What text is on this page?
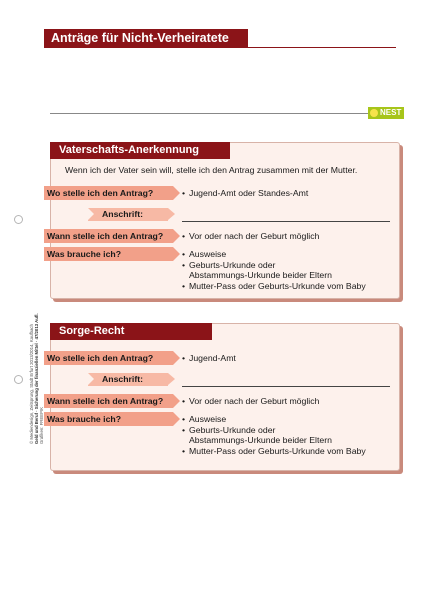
Anträge für Nicht-Verheiratete
NEST
© Mediendesign, Zeitsprung, Stadt Erfurt 2013/2014, Kaufbach Geld und Beruf · Sicherung der finanziellen Mittel · 47/2013 Aufl. Grafiken: FREEPIK
Vaterschafts-Anerkennung
Wenn ich der Vater sein will, stelle ich den Antrag zusammen mit der Mutter.
Wo stelle ich den Antrag?	• Jugend-Amt oder Standes-Amt
Anschrift:
Wann stelle ich den Antrag?	• Vor oder nach der Geburt möglich
Was brauche ich?	• Ausweise
• Geburts-Urkunde oder
Abstammungs-Urkunde beider Eltern
• Mutter-Pass oder Geburts-Urkunde vom Baby
Sorge-Recht
Wo stelle ich den Antrag?	• Jugend-Amt
Anschrift:
Wann stelle ich den Antrag?	• Vor oder nach der Geburt möglich
Was brauche ich?	• Ausweise
• Geburts-Urkunde oder
Abstammungs-Urkunde beider Eltern
• Mutter-Pass oder Geburts-Urkunde vom Baby
